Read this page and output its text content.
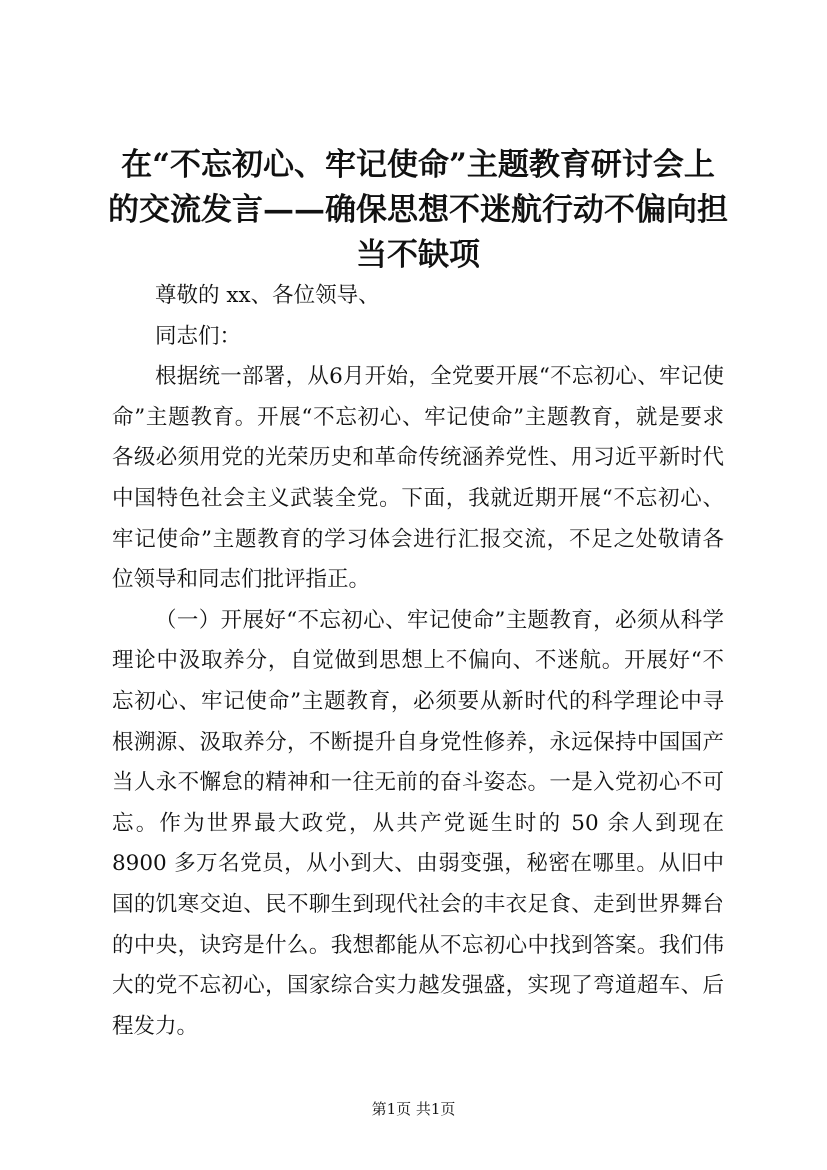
在“不忘初心、牢记使命”主题教育研讨会上的交流发言——确保思想不迷航行动不偏向担当不缺项

尊敬的 xx、各位领导、

同志们：

根据统一部署，从6月开始，全党要开展“不忘初心、牢记使命”主题教育。开展“不忘初心、牢记使命”主题教育，就是要求各级必须用党的光荣历史和革命传统涵养党性、用习近平新时代中国特色社会主义武装全党。下面，我就近期开展“不忘初心、牢记使命”主题教育的学习体会进行汇报交流，不足之处敬请各位领导和同志们批评指正。

（一）开展好“不忘初心、牢记使命”主题教育，必须从科学理论中汲取养分，自觉做到思想上不偏向、不迷航。开展好“不忘初心、牢记使命”主题教育，必须要从新时代的科学理论中寻根溯源、汲取养分，不断提升自身党性修养，永远保持中国国产当人永不懈怠的精神和一往无前的奋斗姿态。一是入党初心不可忘。作为世界最大政党，从共产党诞生时的 50 余人到现在 8900 多万名党员，从小到大、由弱变强，秘密在哪里。从旧中国的饥寒交迫、民不聊生到现代社会的丰衣足食、走到世界舞台的中央，诀窍是什么。我想都能从不忘初心中找到答案。我们伟大的党不忘初心，国家综合实力越发强盛，实现了弯道超车、后程发力。

第1页 共1页
